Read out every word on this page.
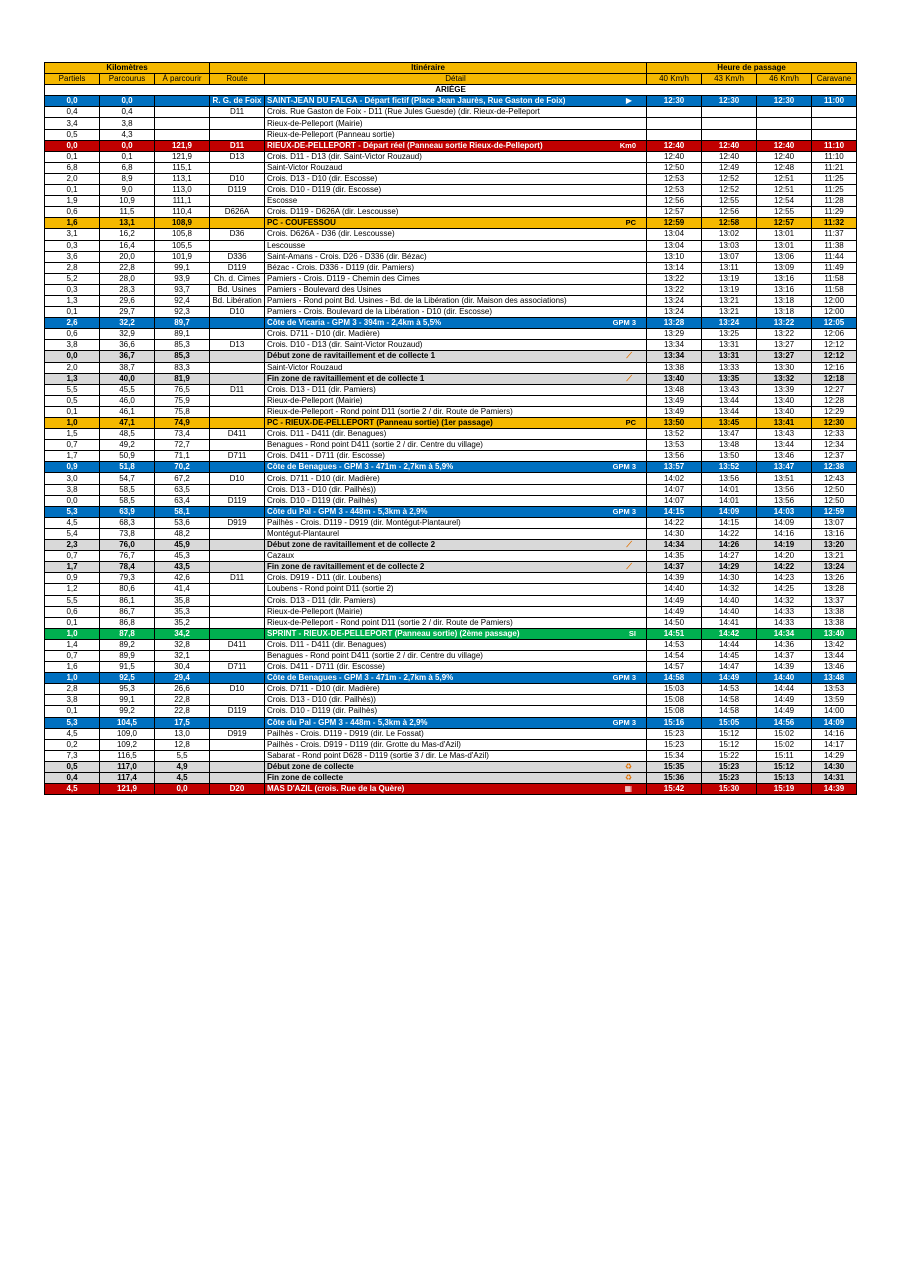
Kilomètres			Itinéraire		Heure de passage			
Partiels	Parcourus	À parcourir	Route	Détail	40 Km/h	43 Km/h	46 Km/h	Caravane
ARIÈGE								
0,0	0,0		R. G. de Foix	SAINT-JEAN DU FALGA - Départ fictif (Place Jean Jaurès, Rue Gaston de Foix) ▶	12:30	12:30	12:30	11:00
0,4	0,4		D11	Crois. Rue Gaston de Foix - D11 (Rue Jules Guesde) (dir. Rieux-de-Pelleport				
3,4	3,8			Rieux-de-Pelleport (Mairie)				
0,5	4,3			Rieux-de-Pelleport (Panneau sortie)				
0,0	0,0	121,9	D11	RIEUX-DE-PELLEPORT - Départ réel (Panneau sortie Rieux-de-Pelleport) Km0	12:40	12:40	12:40	11:10
0,1	0,1	121,9	D13	Crois. D11 - D13 (dir. Saint-Victor Rouzaud)	12:40	12:40	12:40	11:10
6,8	6,8	115,1		Saint-Victor Rouzaud	12:50	12:49	12:48	11:21
2,0	8,9	113,1	D10	Crois. D13 - D10 (dir. Escosse)	12:53	12:52	12:51	11:25
0,1	9,0	113,0	D119	Crois. D10 - D119 (dir. Escosse)	12:53	12:52	12:51	11:25
1,9	10,9	111,1		Escosse	12:56	12:55	12:54	11:28
0,6	11,5	110,4	D626A	Crois. D119 - D626A (dir. Lescousse)	12:57	12:56	12:55	11:29
1,6	13,1	108,9		PC - COUFESSOU PC	12:59	12:58	12:57	11:32
3,1	16,2	105,8	D36	Crois. D626A - D36 (dir. Lescousse)	13:04	13:02	13:01	11:37
0,3	16,4	105,5		Lescousse	13:04	13:03	13:01	11:38
3,6	20,0	101,9	D336	Saint-Amans - Crois. D26 - D336 (dir. Bézac)	13:10	13:07	13:06	11:44
2,8	22,8	99,1	D119	Bézac - Crois. D336 - D119 (dir. Pamiers)	13:14	13:11	13:09	11:49
5,2	28,0	93,9	Ch. d. Cimes	Pamiers - Crois. D119 - Chemin des Cimes	13:22	13:19	13:16	11:58
0,3	28,3	93,7	Bd. Usines	Pamiers - Boulevard des Usines	13:22	13:19	13:16	11:58
1,3	29,6	92,4	Bd. Libération	Pamiers - Rond point Bd. Usines - Bd. de la Libération (dir. Maison des associations)	13:24	13:21	13:18	12:00
0,1	29,7	92,3	D10	Pamiers - Crois. Boulevard de la Libération - D10 (dir. Escosse)	13:24	13:21	13:18	12:00
2,6	32,2	89,7		Côte de Vicaria - GPM 3 - 394m - 2,4km à 5,5% GPM 3	13:28	13:24	13:22	12:05
0,6	32,9	89,1		Crois. D711 - D10 (dir. Madière)	13:29	13:25	13:22	12:06
3,8	36,6	85,3	D13	Crois. D10 - D13 (dir. Saint-Victor Rouzaud)	13:34	13:31	13:27	12:12
0,0	36,7	85,3		Début zone de ravitaillement et de collecte 1 ⟋	13:34	13:31	13:27	12:12
2,0	38,7	83,3		Saint-Victor Rouzaud	13:38	13:33	13:30	12:16
1,3	40,0	81,9		Fin zone de ravitaillement et de collecte 1 ⟋	13:40	13:35	13:32	12:18
5,5	45,5	76,5	D11	Crois. D13 - D11 (dir. Pamiers)	13:48	13:43	13:39	12:27
0,5	46,0	75,9		Rieux-de-Pelleport (Mairie)	13:49	13:44	13:40	12:28
0,1	46,1	75,8		Rieux-de-Pelleport - Rond point D11 (sortie 2 / dir. Route de Pamiers)	13:49	13:44	13:40	12:29
1,0	47,1	74,9		PC - RIEUX-DE-PELLEPORT (Panneau sortie) (1er passage) PC	13:50	13:45	13:41	12:30
1,5	48,5	73,4	D411	Crois. D11 - D411 (dir. Benagues)	13:52	13:47	13:43	12:33
0,7	49,2	72,7		Benagues - Rond point D411 (sortie 2 / dir. Centre du village)	13:53	13:48	13:44	12:34
1,7	50,9	71,1	D711	Crois. D411 - D711 (dir. Escosse)	13:56	13:50	13:46	12:37
0,9	51,8	70,2		Côte de Benagues - GPM 3 - 471m - 2,7km à 5,9% GPM 3	13:57	13:52	13:47	12:38
3,0	54,7	67,2	D10	Crois. D711 - D10 (dir. Madière)	14:02	13:56	13:51	12:43
3,8	58,5	63,5		Crois. D13 - D10 (dir. Pailhès))	14:07	14:01	13:56	12:50
0,0	58,5	63,4	D119	Crois. D10 - D119 (dir. Pailhès)	14:07	14:01	13:56	12:50
5,3	63,9	58,1		Côte du Pal - GPM 3 - 448m - 5,3km à 2,9% GPM 3	14:15	14:09	14:03	12:59
4,5	68,3	53,6	D919	Pailhès - Crois. D119 - D919 (dir. Montégut-Plantaurel)	14:22	14:15	14:09	13:07
5,4	73,8	48,2		Montégut-Plantaurel	14:30	14:22	14:16	13:16
2,3	76,0	45,9		Début zone de ravitaillement et de collecte 2 ⟋	14:34	14:26	14:19	13:20
0,7	76,7	45,3		Cazaux	14:35	14:27	14:20	13:21
1,7	78,4	43,5		Fin zone de ravitaillement et de collecte 2 ⟋	14:37	14:29	14:22	13:24
0,9	79,3	42,6	D11	Crois. D919 - D11 (dir. Loubens)	14:39	14:30	14:23	13:26
1,2	80,6	41,4		Loubens - Rond point D11 (sortie 2)	14:40	14:32	14:25	13:28
5,5	86,1	35,8		Crois. D13 - D11 (dir. Pamiers)	14:49	14:40	14:32	13:37
0,6	86,7	35,3		Rieux-de-Pelleport (Mairie)	14:49	14:40	14:33	13:38
0,1	86,8	35,2		Rieux-de-Pelleport - Rond point D11 (sortie 2 / dir. Route de Pamiers)	14:50	14:41	14:33	13:38
1,0	87,8	34,2		SPRINT - RIEUX-DE-PELLEPORT (Panneau sortie) (2ème passage) SI	14:51	14:42	14:34	13:40
1,4	89,2	32,8	D411	Crois. D11 - D411 (dir. Benagues)	14:53	14:44	14:36	13:42
0,7	89,9	32,1		Benagues - Rond point D411 (sortie 2 / dir. Centre du village)	14:54	14:45	14:37	13:44
1,6	91,5	30,4	D711	Crois. D411 - D711 (dir. Escosse)	14:57	14:47	14:39	13:46
1,0	92,5	29,4		Côte de Benagues - GPM 3 - 471m - 2,7km à 5,9% GPM 3	14:58	14:49	14:40	13:48
2,8	95,3	26,6	D10	Crois. D711 - D10 (dir. Madière)	15:03	14:53	14:44	13:53
3,8	99,1	22,8		Crois. D13 - D10 (dir. Pailhès))	15:08	14:58	14:49	13:59
0,1	99,2	22,8	D119	Crois. D10 - D119 (dir. Pailhès)	15:08	14:58	14:49	14:00
5,3	104,5	17,5		Côte du Pal - GPM 3 - 448m - 5,3km à 2,9% GPM 3	15:16	15:05	14:56	14:09
4,5	109,0	13,0	D919	Pailhès - Crois. D119 - D919 (dir. Le Fossat)	15:23	15:12	15:02	14:16
0,2	109,2	12,8		Pailhès - Crois. D919 - D119 (dir. Grotte du Mas-d'Azil)	15:23	15:12	15:02	14:17
7,3	116,5	5,5		Sabarat - Rond point D628 - D119 (sortie 3 / dir. Le Mas-d'Azil)	15:34	15:22	15:11	14:29
0,5	117,0	4,9		Début zone de collecte ♻	15:35	15:23	15:12	14:30
0,4	117,4	4,5		Fin zone de collecte ♻	15:36	15:23	15:13	14:31
4,5	121,9	0,0	D20	MAS D'AZIL (crois. Rue de la Quère) ▦	15:42	15:30	15:19	14:39
